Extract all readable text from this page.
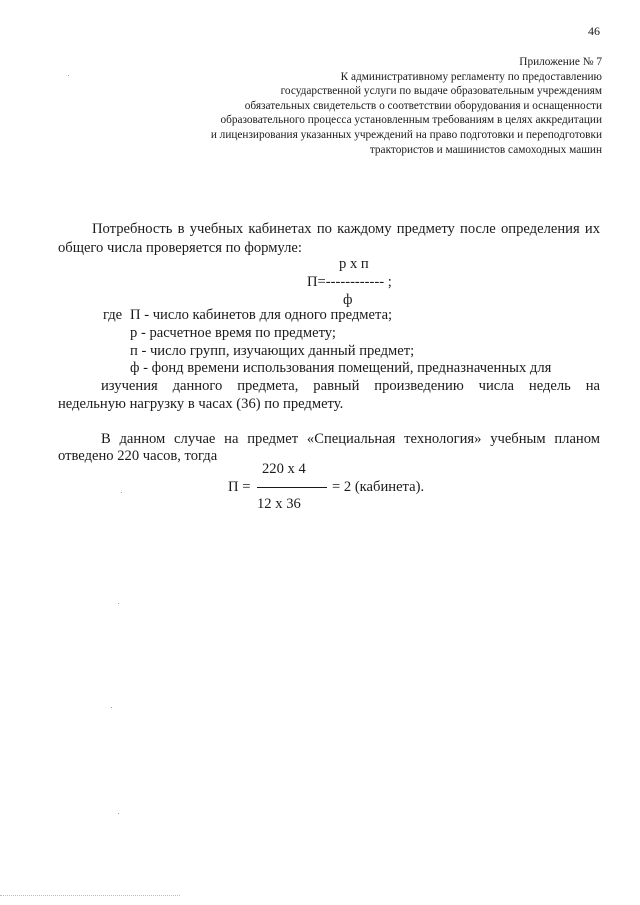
46
Приложение № 7
К административному регламенту по предоставлению
государственной услуги по выдаче образовательным учреждениям
обязательных свидетельств о соответствии оборудования и оснащенности
образовательного процесса установленным требованиям в целях аккредитации
и лицензирования указанных учреждений на право подготовки и переподготовки
трактористов и машинистов самоходных машин
Потребность в учебных кабинетах по каждому предмету после определения их
общего числа проверяется по формуле:
р х п
П=------------ ;
ф
где П - число кабинетов для одного предмета;
р - расчетное время по предмету;
п - число групп, изучающих данный предмет;
ф - фонд времени использования помещений, предназначенных для
изучения данного предмета, равный произведению числа недель на
недельную нагрузку в часах (36) по предмету.
В данном случае на предмет «Специальная технология» учебным планом
отведено 220 часов, тогда
220 х 4
П =	= 2 (кабинета).
12 х 36
